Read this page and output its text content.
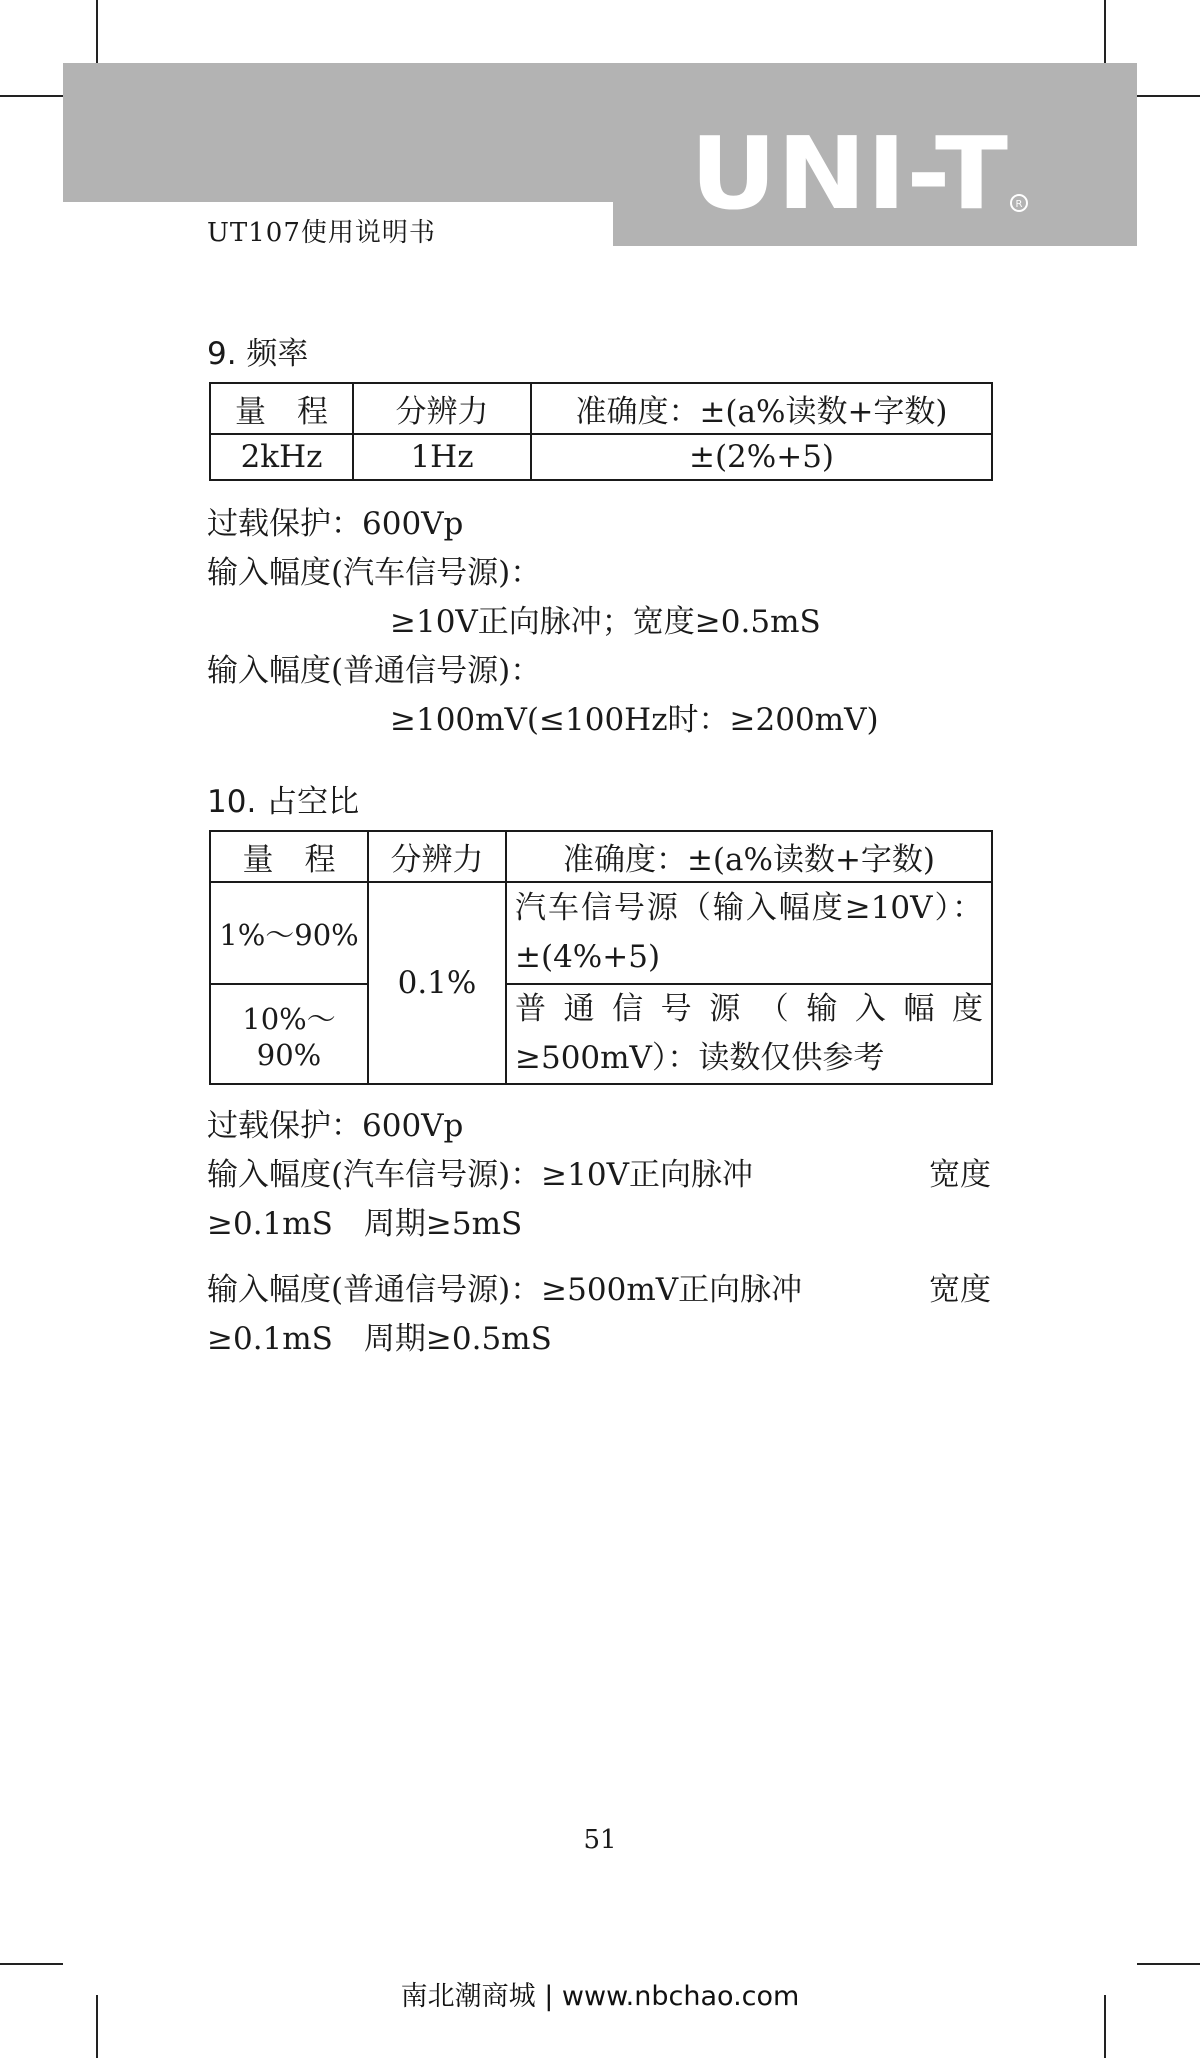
UNI-T R
UT107使用说明书
9. 频率
量　程	分辨力	准确度：±(a%读数+字数)
2kHz	1Hz	±(2%+5)
过载保护：600Vp
输入幅度(汽车信号源)：
≥10V正向脉冲；宽度≥0.5mS
输入幅度(普通信号源)：
≥100mV(≤100Hz时：≥200mV)
10. 占空比
量　程	分辨力	准确度：±(a%读数+字数)
1%～90%	0.1%	汽车信号源（输入幅度≥10V）：±(4%+5)
10%～90%		普通信号源（输入幅度≥500mV）：读数仅供参考
过载保护：600Vp
输入幅度(汽车信号源)：≥10V正向脉冲	宽度
≥0.1mS　周期≥5mS
输入幅度(普通信号源)：≥500mV正向脉冲	宽度
≥0.1mS　周期≥0.5mS
51
南北潮商城 | www.nbchao.com
